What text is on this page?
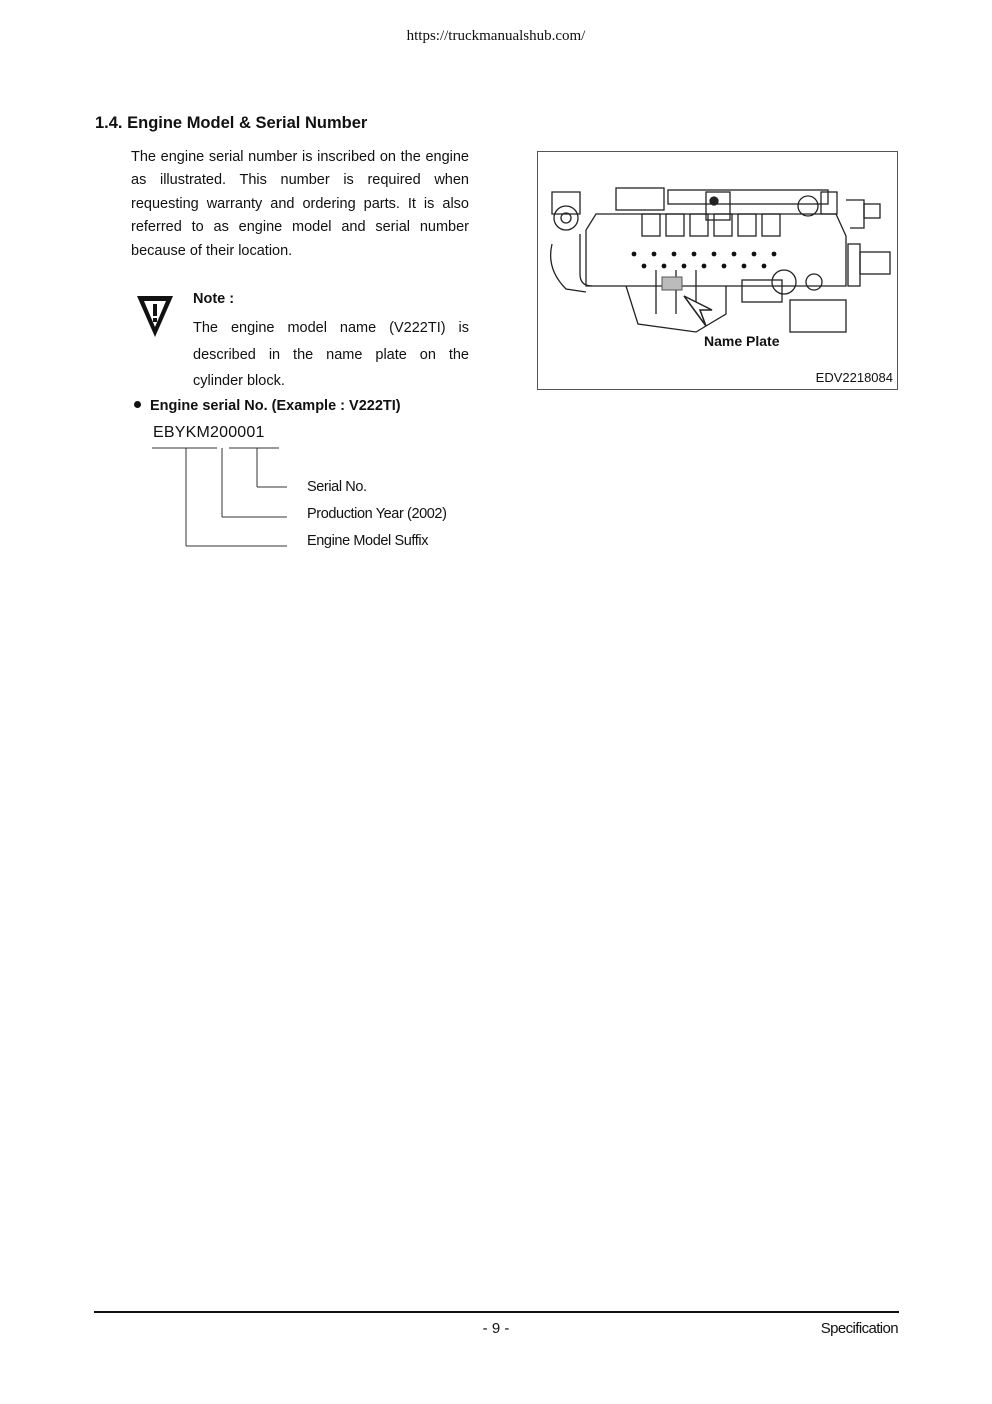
https://truckmanualshub.com/
1.4. Engine Model & Serial Number

The engine serial number is inscribed on the engine as illustrated. This number is required when requesting warranty and ordering parts. It is also referred to as engine model and serial number because of their location.

Note :

The engine model name (V222TI) is described in the name plate on the cylinder block.

Engine serial No. (Example : V222TI)
EBYKM200001
Serial No.
Production Year (2002)
Engine Model Suffix
Name Plate
EDV2218084
- 9 -	Specification
